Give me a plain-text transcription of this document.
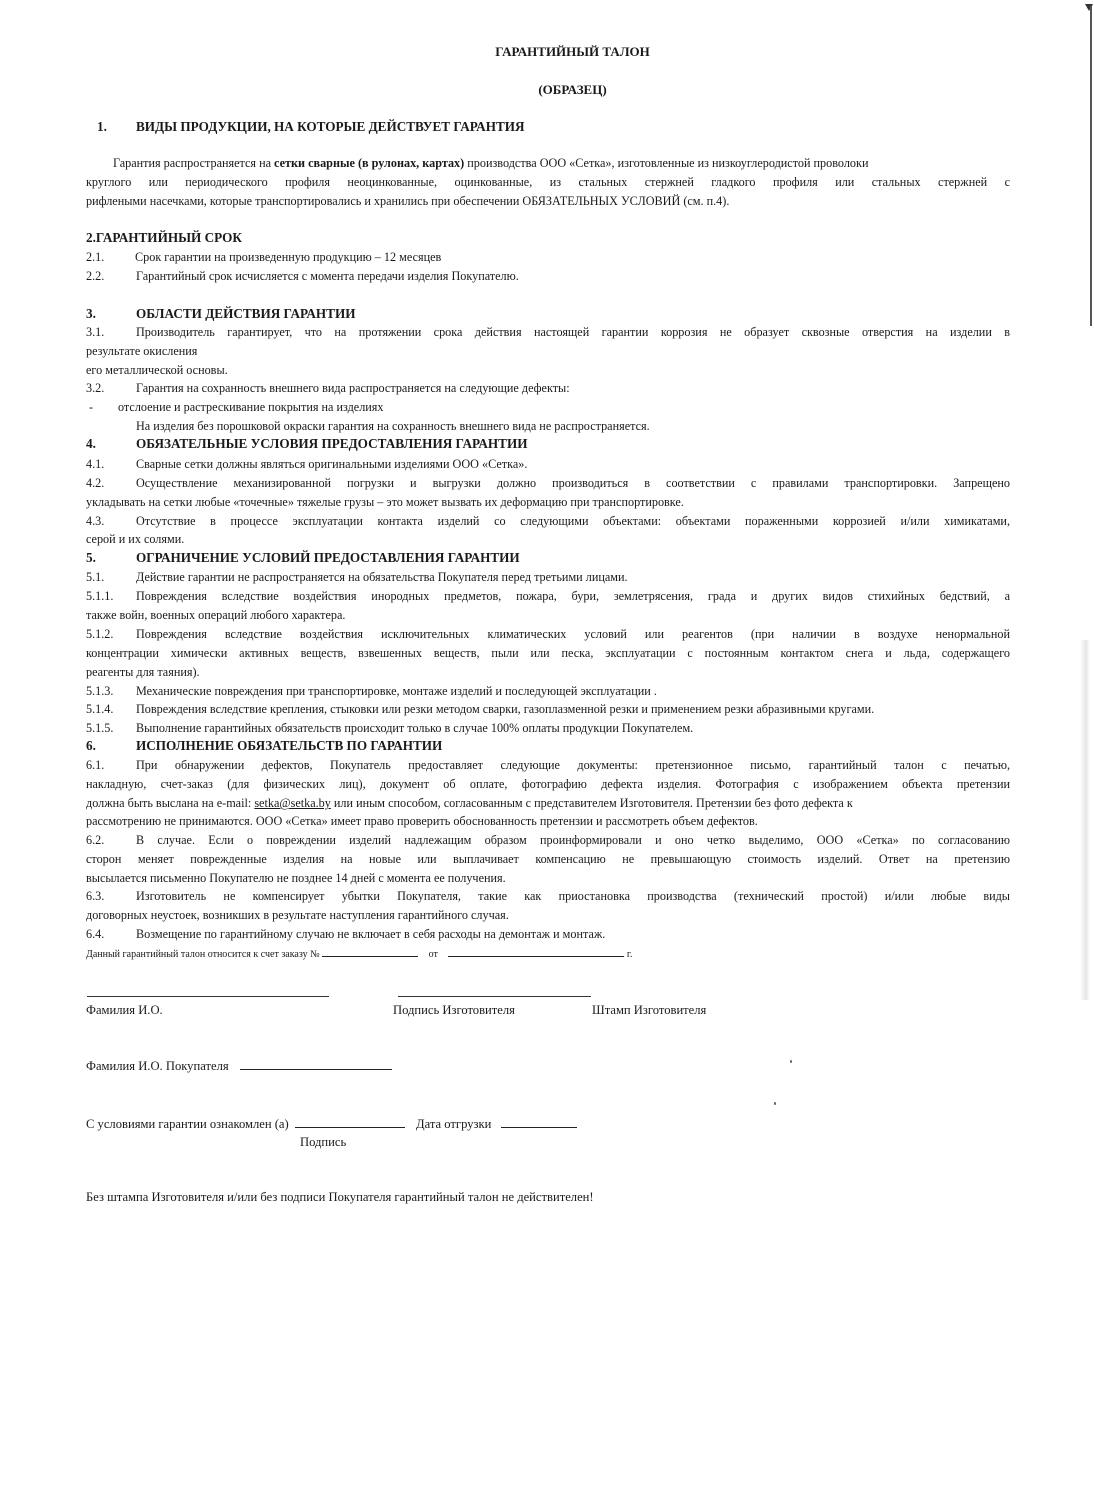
ГАРАНТИЙНЫЙ ТАЛОН
(ОБРАЗЕЦ)
1. ВИДЫ ПРОДУКЦИИ, НА КОТОРЫЕ ДЕЙСТВУЕТ ГАРАНТИЯ
Гарантия распространяется на сетки сварные (в рулонах, картах) производства ООО «Сетка», изготовленные из низкоуглеродистой проволоки
круглого или периодического профиля неоцинкованные, оцинкованные, из стальных стержней гладкого профиля или стальных стержней с
рифлеными насечками, которые транспортировались и хранились при обеспечении ОБЯЗАТЕЛЬНЫХ УСЛОВИЙ (см. п.4).
2.ГАРАНТИЙНЫЙ СРОК
2.1.	Срок гарантии на произведенную продукцию – 12 месяцев
2.2.	Гарантийный срок исчисляется с момента передачи изделия Покупателю.
3.	ОБЛАСТИ ДЕЙСТВИЯ ГАРАНТИИ
3.1.	Производитель гарантирует, что на протяжении срока действия настоящей гарантии коррозия не образует сквозные отверстия на изделии в
результате окисления
его металлической основы.
3.2.	Гарантия на сохранность внешнего вида распространяется на следующие дефекты:
- отслоение и растрескивание покрытия на изделиях
На изделия без порошковой окраски гарантия на сохранность внешнего вида не распространяется.
4.	ОБЯЗАТЕЛЬНЫЕ УСЛОВИЯ ПРЕДОСТАВЛЕНИЯ ГАРАНТИИ
4.1.	Сварные сетки должны являться оригинальными изделиями ООО «Сетка».
4.2.	Осуществление механизированной погрузки и выгрузки должно производиться в соответствии с правилами транспортировки. Запрещено
укладывать на сетки любые «точечные» тяжелые грузы – это может вызвать их деформацию при транспортировке.
4.3.	Отсутствие в процессе эксплуатации контакта изделий со следующими объектами: объектами пораженными коррозией и/или химикатами,
серой и их солями.
5.	ОГРАНИЧЕНИЕ УСЛОВИЙ ПРЕДОСТАВЛЕНИЯ ГАРАНТИИ
5.1.	Действие гарантии не распространяется на обязательства Покупателя перед третьими лицами.
5.1.1. Повреждения вследствие воздействия инородных предметов, пожара, бури, землетрясения, града и других видов стихийных бедствий, а
также войн, военных операций любого характера.
5.1.2. Повреждения вследствие воздействия исключительных климатических условий или реагентов (при наличии в воздухе ненормальной
концентрации химически активных веществ, взвешенных веществ, пыли или песка, эксплуатации с постоянным контактом снега и льда, содержащего
реагенты для таяния).
5.1.3. Механические повреждения при транспортировке, монтаже изделий и последующей эксплуатации .
5.1.4. Повреждения вследствие крепления, стыковки или резки методом сварки, газоплазменной резки и применением резки абразивными кругами.
5.1.5. Выполнение гарантийных обязательств происходит только в случае 100% оплаты продукции Покупателем.
6.	ИСПОЛНЕНИЕ ОБЯЗАТЕЛЬСТВ ПО ГАРАНТИИ
6.1.	При обнаружении дефектов, Покупатель предоставляет следующие документы: претензионное письмо, гарантийный талон с печатью,
накладную, счет-заказ (для физических лиц), документ об оплате, фотографию дефекта изделия. Фотография с изображением объекта претензии
должна быть выслана на e-mail: setka@setka.by или иным способом, согласованным с представителем Изготовителя. Претензии без фото дефекта к
рассмотрению не принимаются. ООО «Сетка» имеет право проверить обоснованность претензии и рассмотреть объем дефектов.
6.2.	В случае. Если о повреждении изделий надлежащим образом проинформировали и оно четко выделимо, ООО «Сетка» по согласованию
сторон меняет поврежденные изделия на новые или выплачивает компенсацию не превышающую стоимость изделий. Ответ на претензию
высылается письменно Покупателю не позднее 14 дней с момента ее получения.
6.3.	Изготовитель не компенсирует убытки Покупателя, такие как приостановка производства (технический простой) и/или любые виды
договорных неустоек, возникших в результате наступления гарантийного случая.
6.4.	Возмещение по гарантийному случаю не включает в себя расходы на демонтаж и монтаж.
Данный гарантийный талон относится к счет заказу №	от	г.
Фамилия И.О.	Подпись Изготовителя	Штамп Изготовителя
Фамилия И.О. Покупателя
С условиями гарантии ознакомлен (а)	Дата отгрузки
Подпись
Без штампа Изготовителя и/или без подписи Покупателя гарантийный талон не действителен!
